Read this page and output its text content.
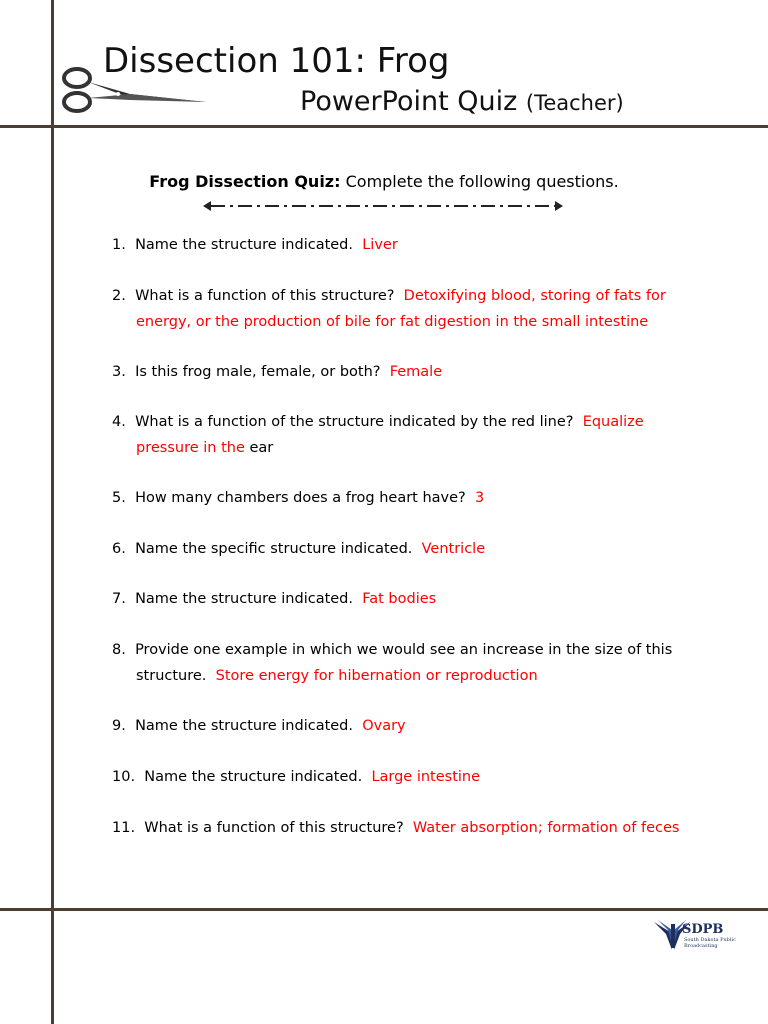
Dissection 101: Frog
PowerPoint Quiz (Teacher)
Frog Dissection Quiz: Complete the following questions.
1. Name the structure indicated. Liver
2. What is a function of this structure? Detoxifying blood, storing of fats for
energy, or the production of bile for fat digestion in the small intestine
3. Is this frog male, female, or both? Female
4. What is a function of the structure indicated by the red line? Equalize
pressure in the ear
5. How many chambers does a frog heart have? 3
6. Name the specific structure indicated. Ventricle
7. Name the structure indicated. Fat bodies
8. Provide one example in which we would see an increase in the size of this
structure. Store energy for hibernation or reproduction
9. Name the structure indicated. Ovary
10. Name the structure indicated. Large intestine
11. What is a function of this structure? Water absorption; formation of feces
SDPB
South Dakota Public Broadcasting
